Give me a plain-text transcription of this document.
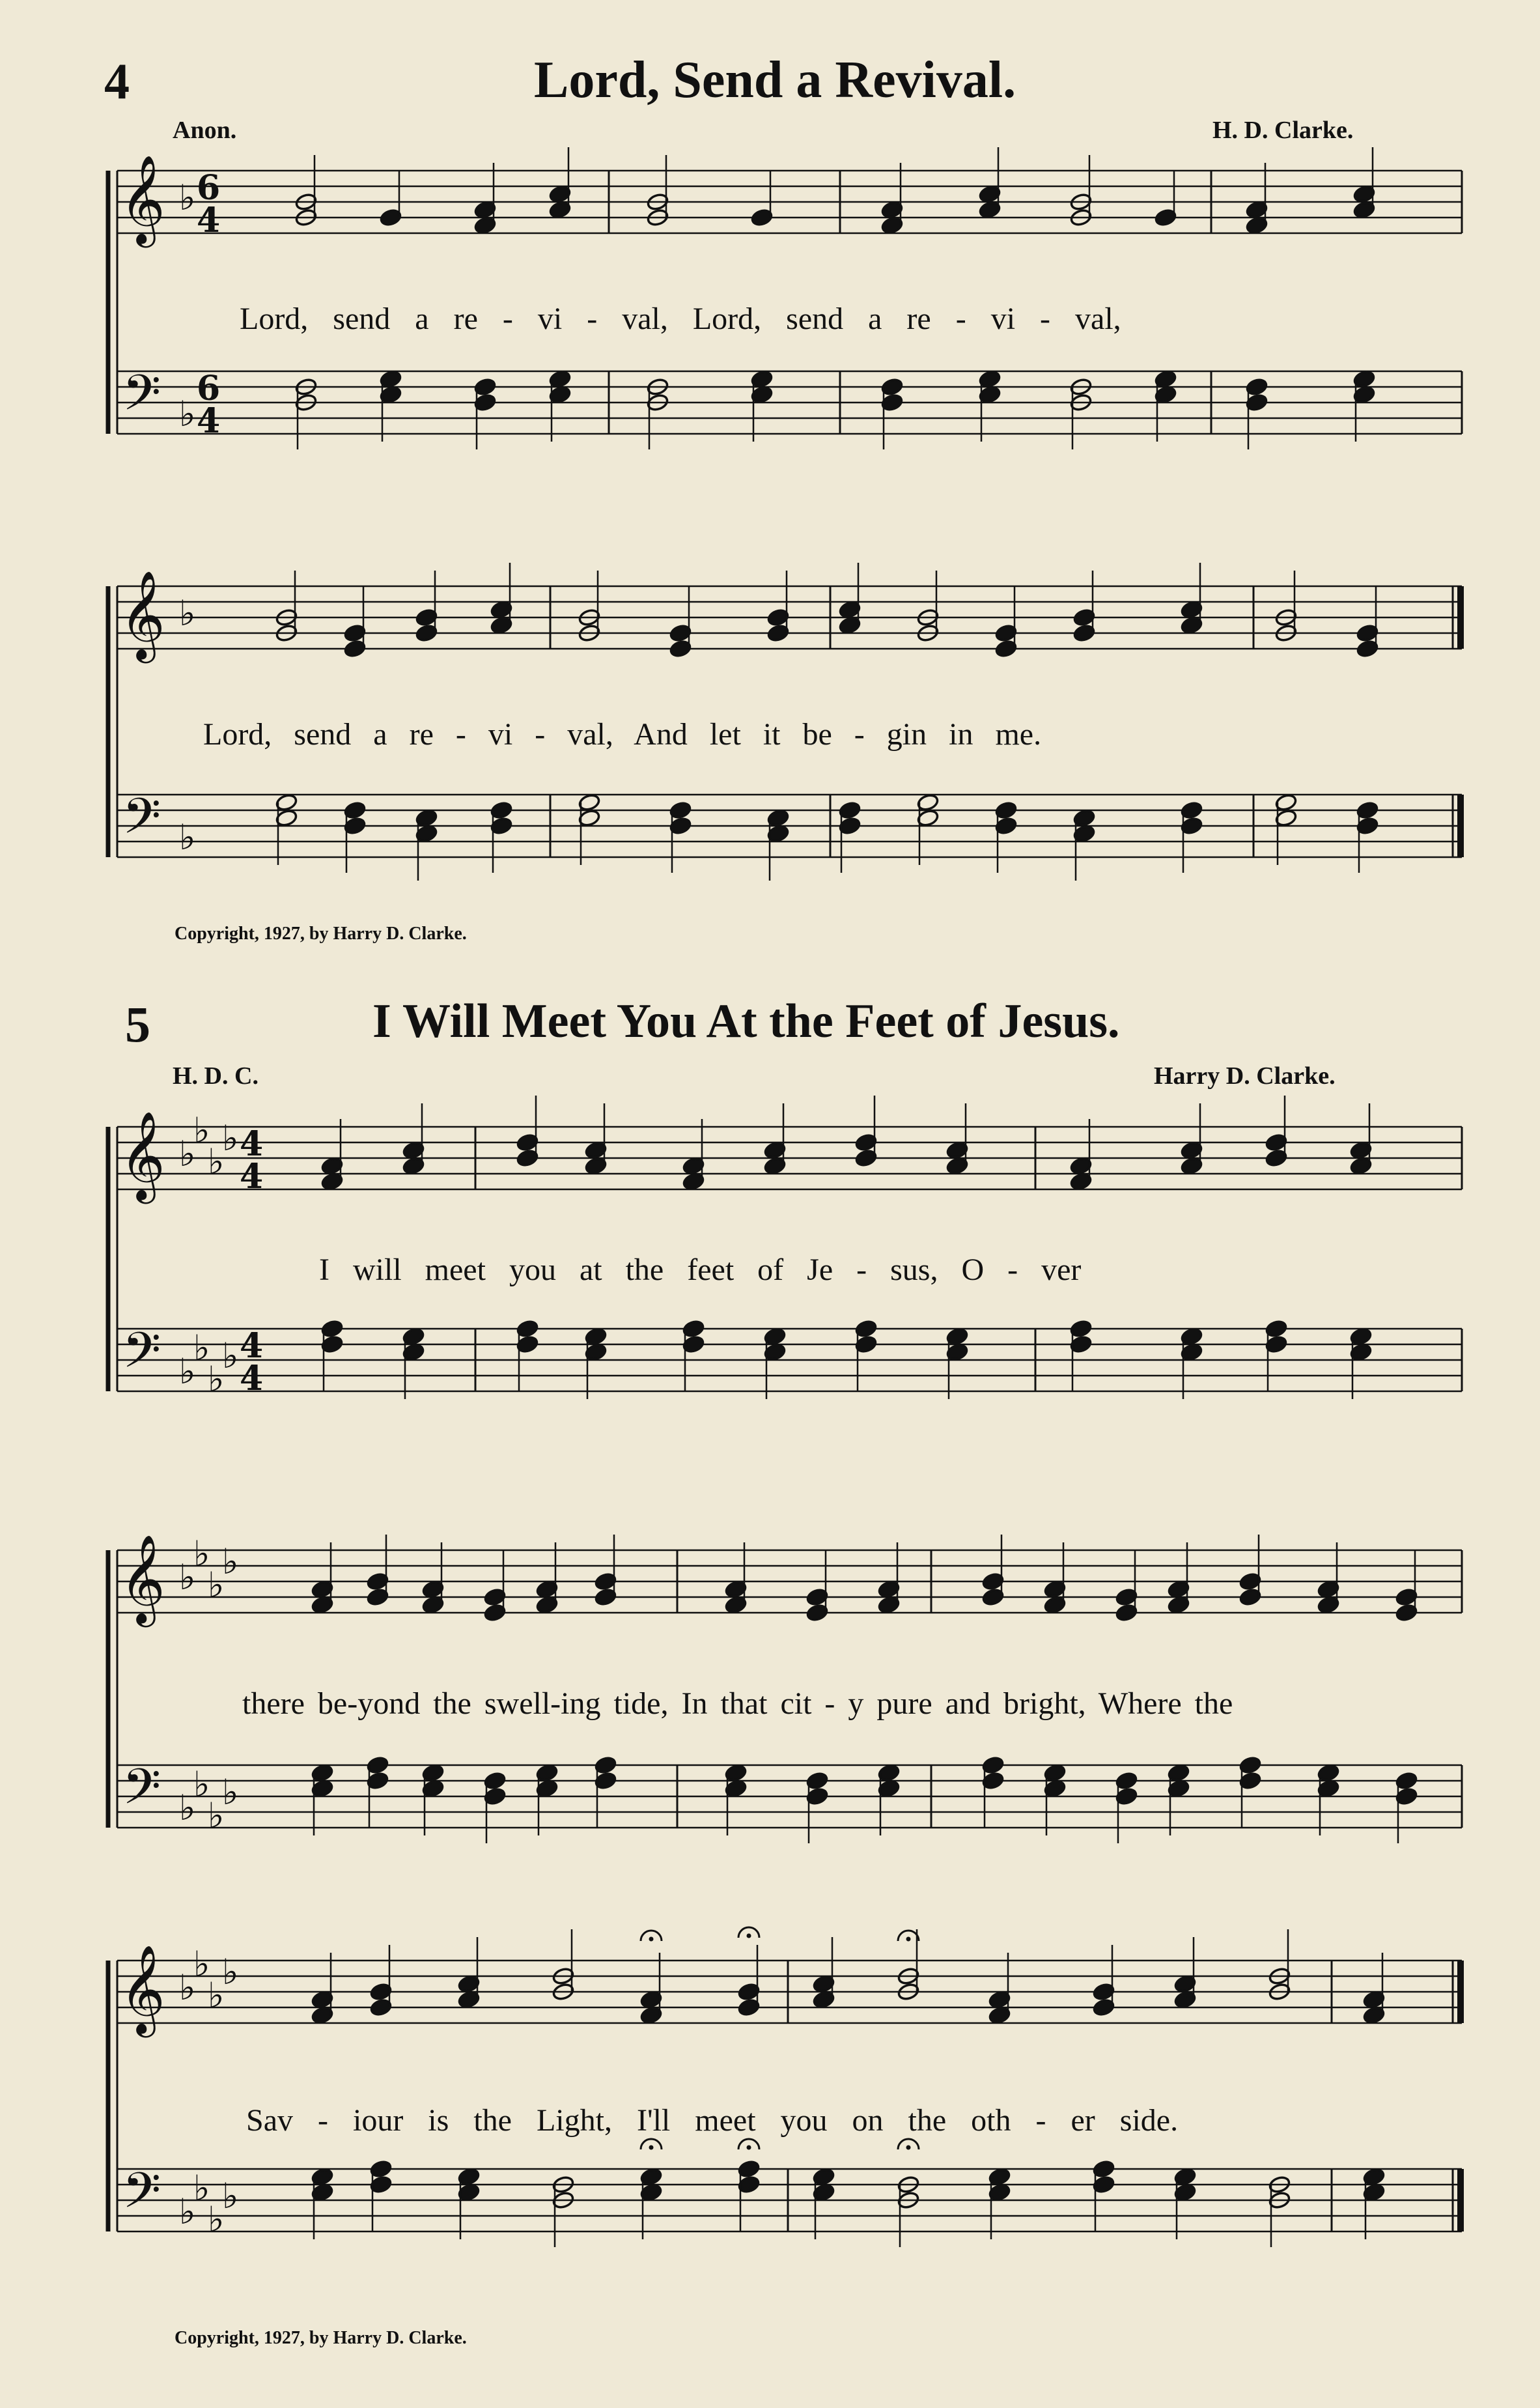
4	Lord, Send a Revival.
Anon.	H. D. Clarke.
Lord, send a re - vi - val, Lord, send a re - vi - val,
Lord, send a re - vi - val, And let it be - gin in me.
Copyright, 1927, by Harry D. Clarke.
5	I Will Meet You At the Feet of Jesus.
H. D. C.	Harry D. Clarke.
I will meet you at the feet of Je - sus, O - ver
there be-yond the swell-ing tide, In that cit - y pure and bright, Where the
Sav - iour is the Light, I'll meet you on the oth - er side.
Copyright, 1927, by Harry D. Clarke.
𝄞
𝄢
♭
♭
6
4
6
4
𝄞
𝄢
♭
♭
𝄞
𝄢
♭
♭
♭
♭
♭
♭
♭
♭
4
4
4
4
𝄞
𝄢
♭
♭
♭
♭
♭
♭
♭
♭
𝄞
𝄢
♭
♭
♭
♭
♭
♭
♭
♭
